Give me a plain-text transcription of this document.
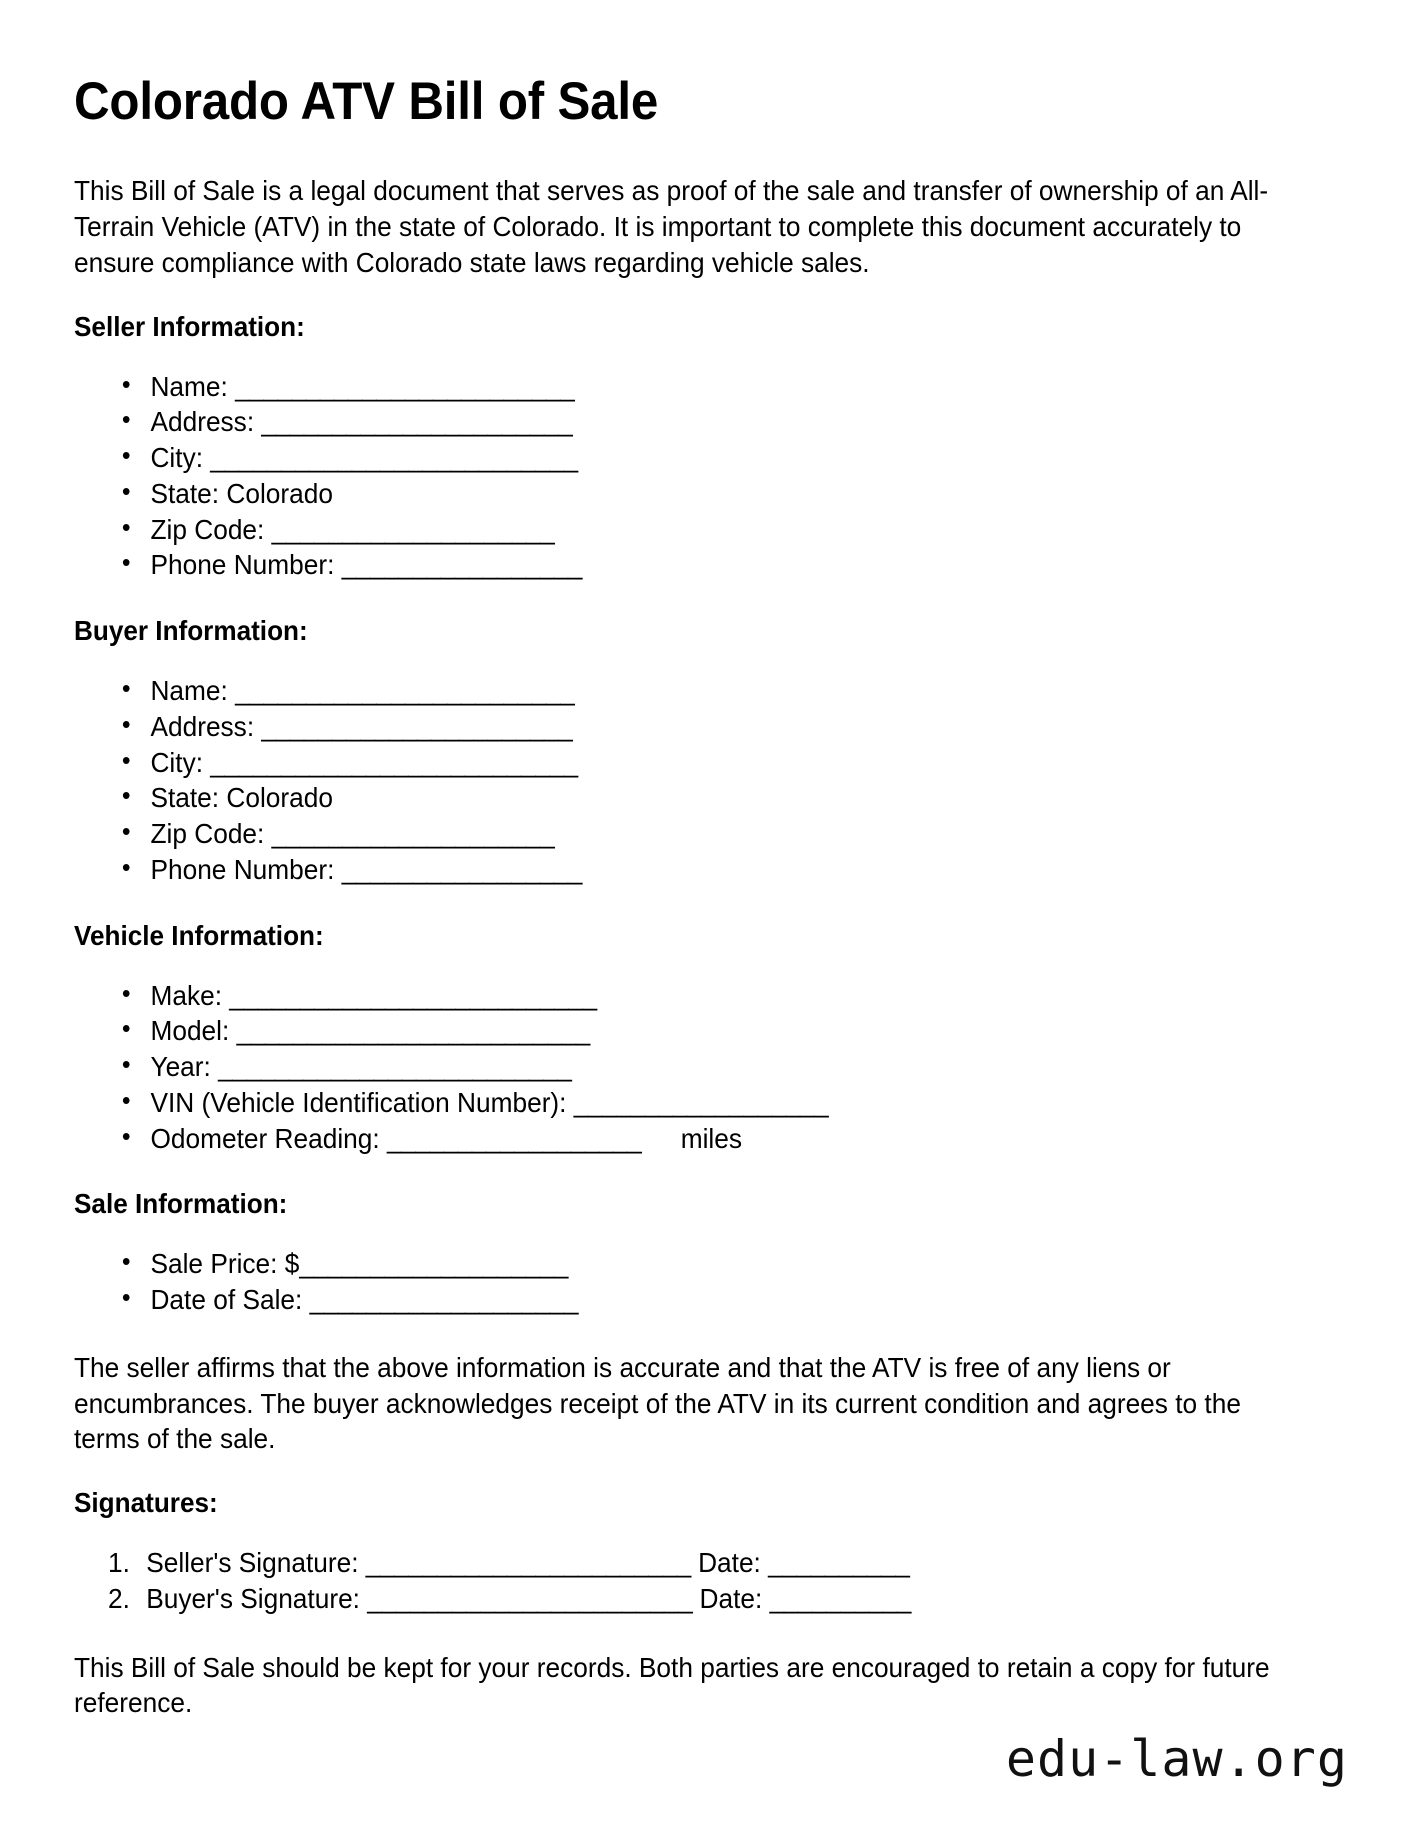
Colorado ATV Bill of Sale

This Bill of Sale is a legal document that serves as proof of the sale and transfer of ownership of an All-Terrain Vehicle (ATV) in the state of Colorado. It is important to complete this document accurately to ensure compliance with Colorado state laws regarding vehicle sales.

Seller Information:
• Name: ________________________
• Address: ______________________
• City: __________________________
• State: Colorado
• Zip Code: ____________________
• Phone Number: _________________
Buyer Information:
• Name: ________________________
• Address: ______________________
• City: __________________________
• State: Colorado
• Zip Code: ____________________
• Phone Number: _________________
Vehicle Information:
• Make: __________________________
• Model: _________________________
• Year: _________________________
• VIN (Vehicle Identification Number): __________________
• Odometer Reading: __________________ miles
Sale Information:
• Sale Price: $___________________
• Date of Sale: ___________________

The seller affirms that the above information is accurate and that the ATV is free of any liens or encumbrances. The buyer acknowledges receipt of the ATV in its current condition and agrees to the terms of the sale.

Signatures:
Seller's Signature: _______________________ Date: __________
Buyer's Signature: _______________________ Date: __________

This Bill of Sale should be kept for your records. Both parties are encouraged to retain a copy for future reference.

edu-law.org
